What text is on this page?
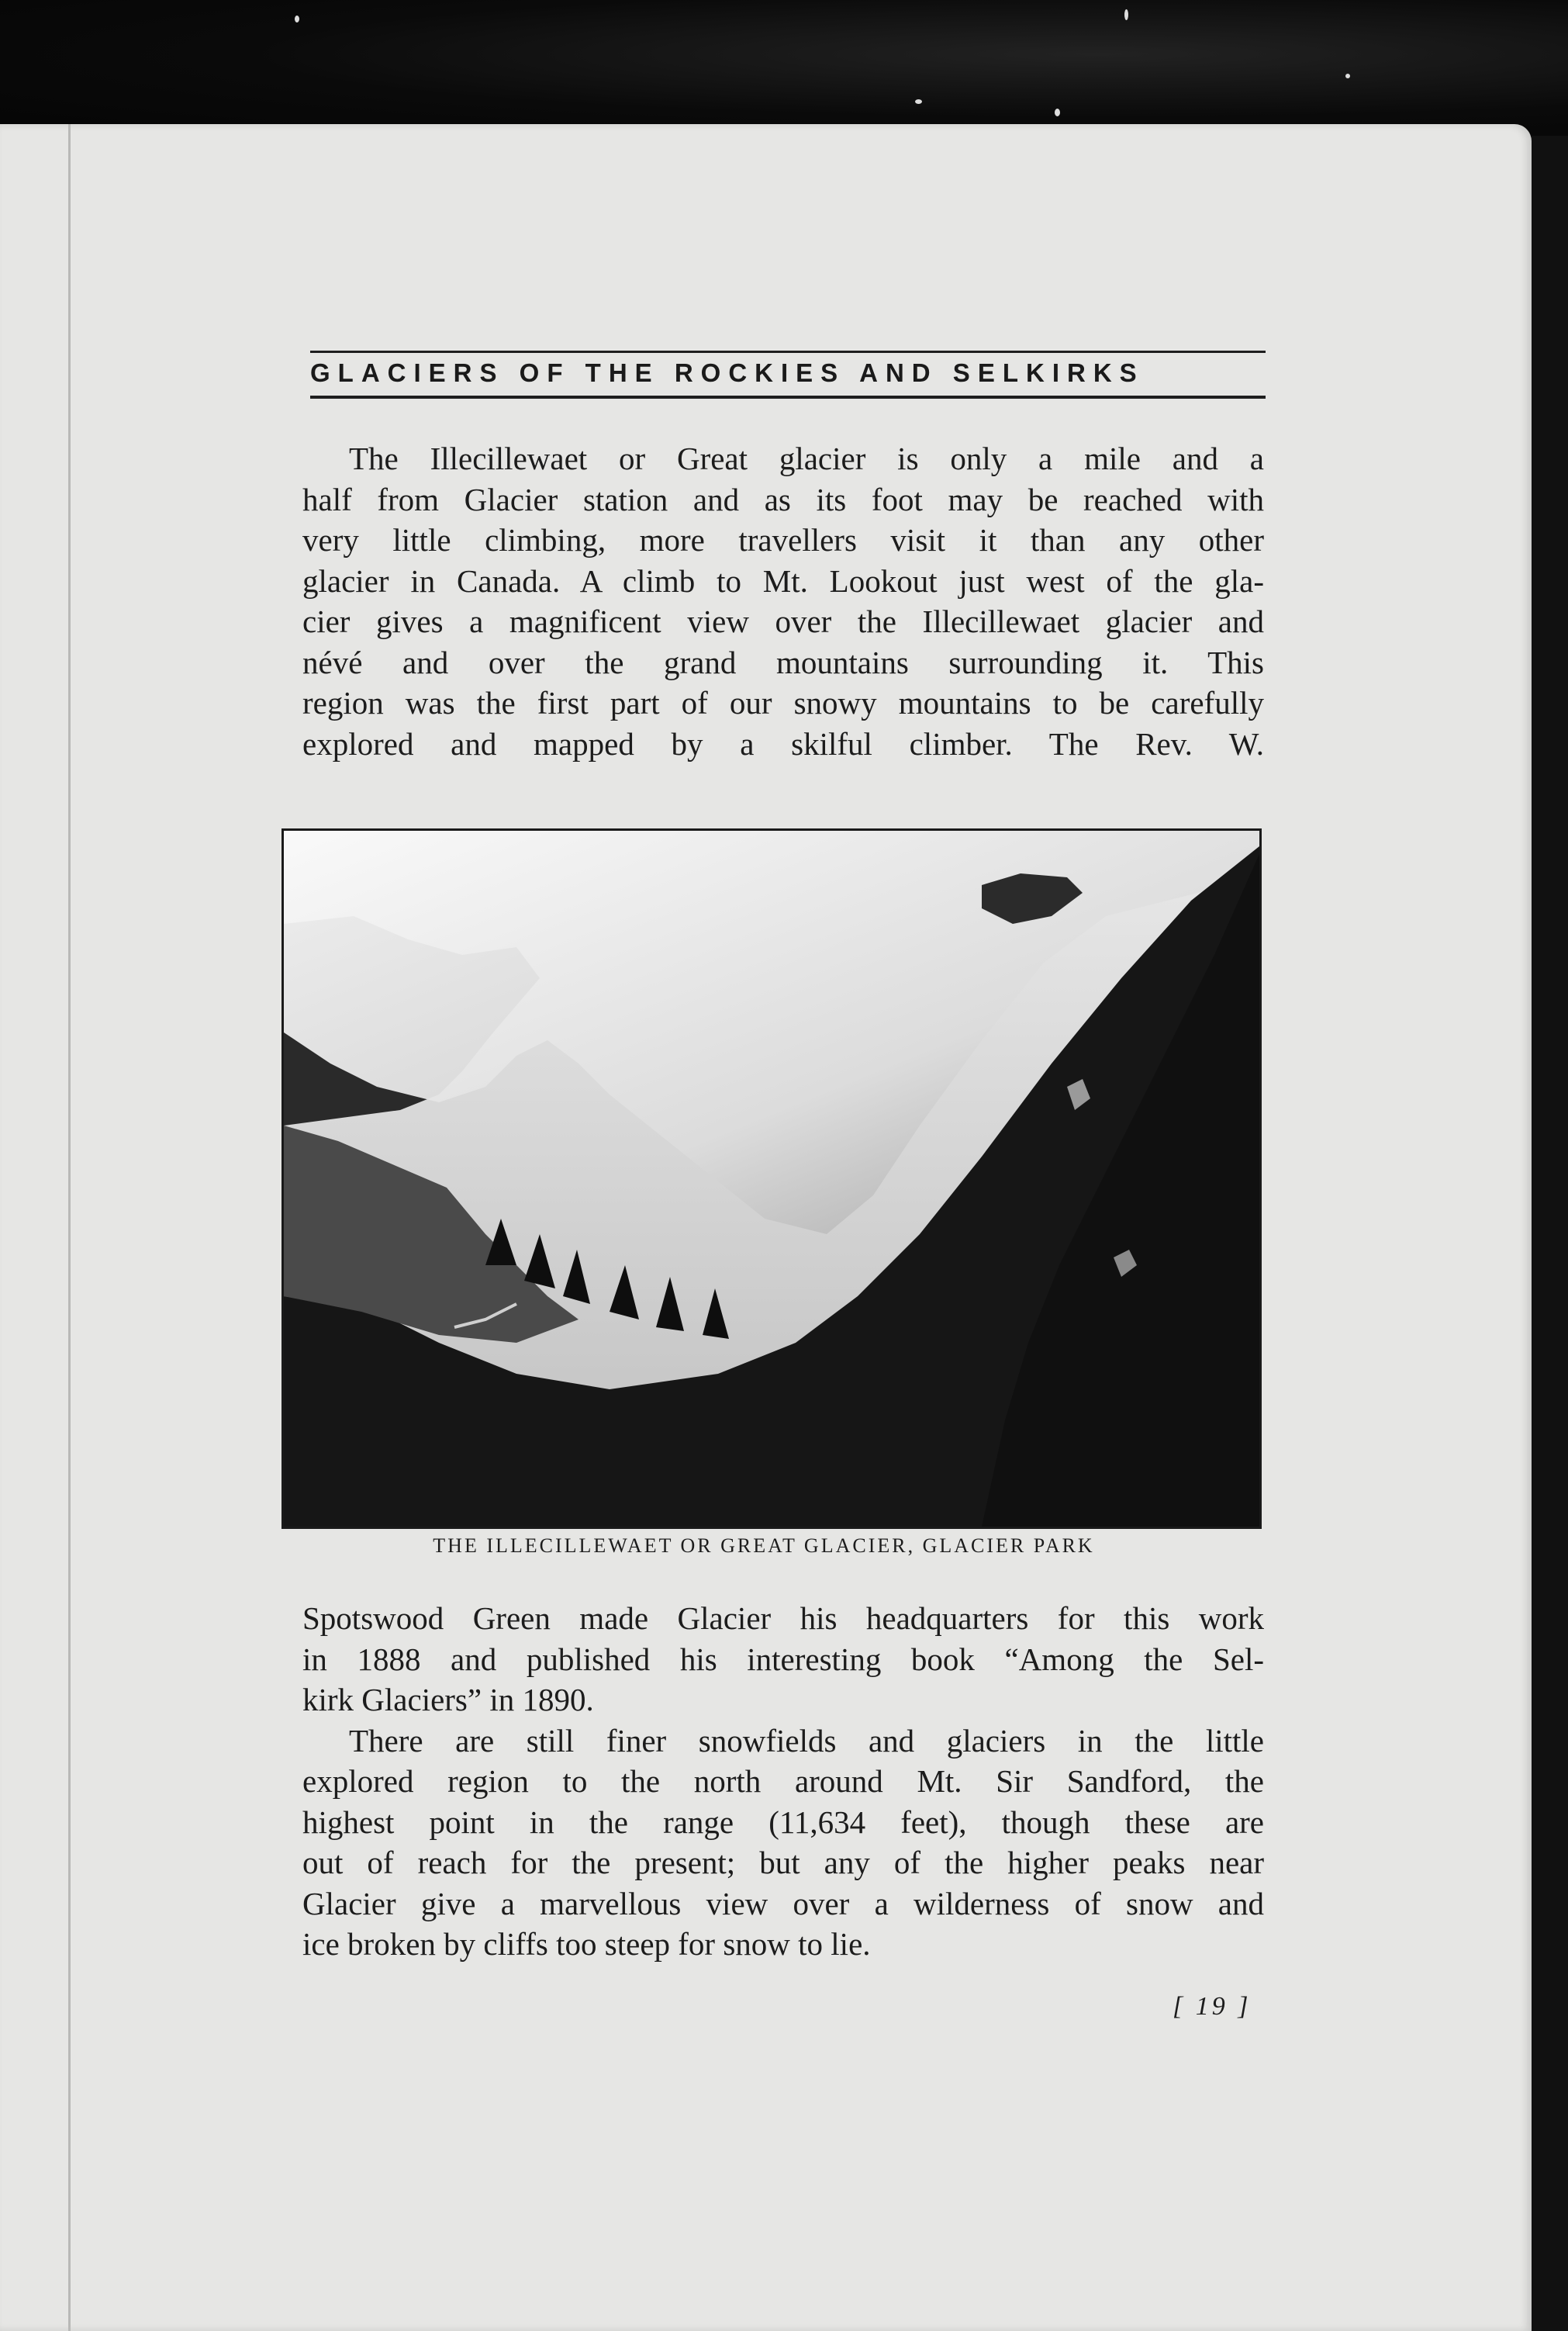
GLACIERS OF THE ROCKIES AND SELKIRKS

The Illecillewaet or Great glacier is only a mile and a

half from Glacier station and as its foot may be reached with

very little climbing, more travellers visit it than any other

glacier in Canada. A climb to Mt. Lookout just west of the gla-

cier gives a magnificent view over the Illecillewaet glacier and

névé and over the grand mountains surrounding it. This

region was the first part of our snowy mountains to be carefully

explored and mapped by a skilful climber. The Rev. W.

THE ILLECILLEWAET OR GREAT GLACIER, GLACIER PARK

Spotswood Green made Glacier his headquarters for this work

in 1888 and published his interesting book “Among the Sel-

kirk Glaciers” in 1890.

There are still finer snowfields and glaciers in the little

explored region to the north around Mt. Sir Sandford, the

highest point in the range (11,634 feet), though these are

out of reach for the present; but any of the higher peaks near

Glacier give a marvellous view over a wilderness of snow and

ice broken by cliffs too steep for snow to lie.

[ 19 ]
